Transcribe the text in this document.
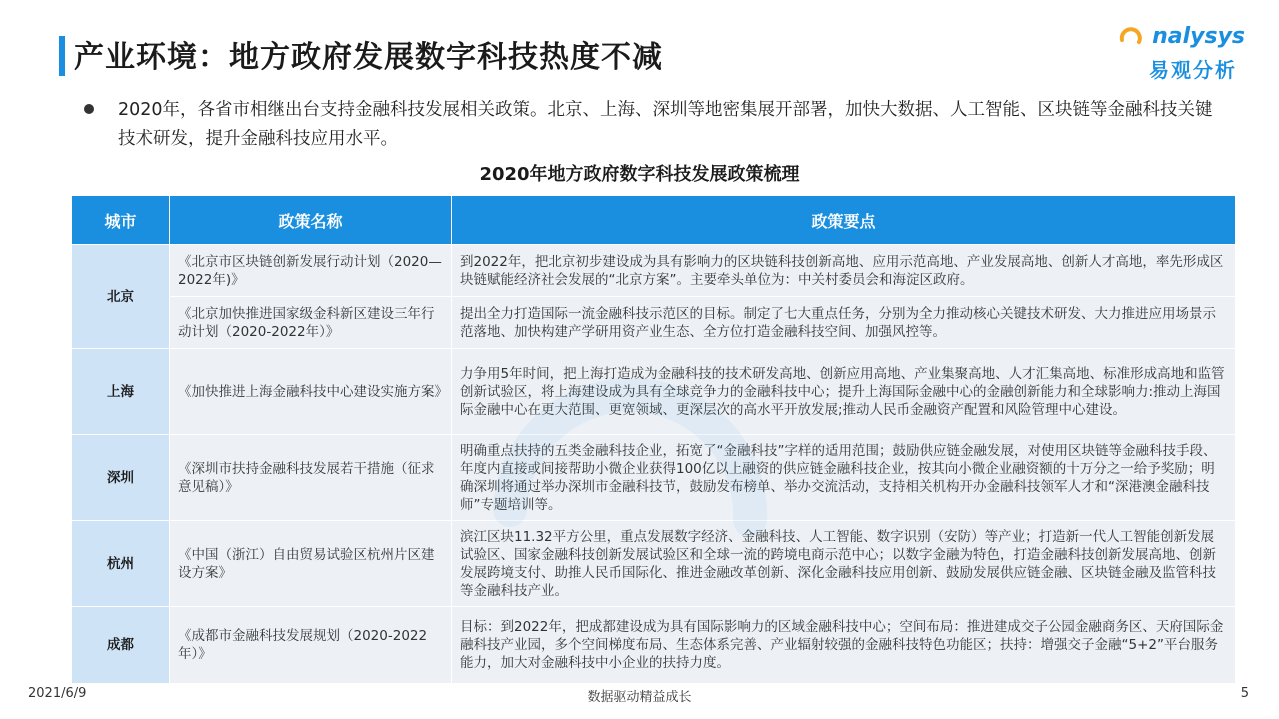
产业环境：地方政府发展数字科技热度不减
nalysys
易观分析
2020年，各省市相继出台支持金融科技发展相关政策。北京、上海、深圳等地密集展开部署，加快大数据、人工智能、区块链等金融科技关键技术研发，提升金融科技应用水平。
2020年地方政府数字科技发展政策梳理
城市	政策名称	政策要点
北京	《北京市区块链创新发展行动计划（2020—2022年)》	到2022年，把北京初步建设成为具有影响力的区块链科技创新高地、应用示范高地、产业发展高地、创新人才高地，率先形成区块链赋能经济社会发展的“北京方案”。主要牵头单位为：中关村委员会和海淀区政府。
	《北京加快推进国家级金科新区建设三年行动计划（2020-2022年）》	提出全力打造国际一流金融科技示范区的目标。制定了七大重点任务，分别为全力推动核心关键技术研发、大力推进应用场景示范落地、加快构建产学研用资产业生态、全方位打造金融科技空间、加强风控等。
上海	《加快推进上海金融科技中心建设实施方案》	力争用5年时间，把上海打造成为金融科技的技术研发高地、创新应用高地、产业集聚高地、人才汇集高地、标准形成高地和监管创新试验区，将上海建设成为具有全球竞争力的金融科技中心；提升上海国际金融中心的金融创新能力和全球影响力:推动上海国际金融中心在更大范围、更宽领域、更深层次的高水平开放发展;推动人民币金融资产配置和风险管理中心建设。
深圳	《深圳市扶持金融科技发展若干措施（征求意见稿）》	明确重点扶持的五类金融科技企业，拓宽了“金融科技”字样的适用范围；鼓励供应链金融发展，对使用区块链等金融科技手段、年度内直接或间接帮助小微企业获得100亿以上融资的供应链金融科技企业，按其向小微企业融资额的十万分之一给予奖励；明确深圳将通过举办深圳市金融科技节，鼓励发布榜单、举办交流活动，支持相关机构开办金融科技领军人才和“深港澳金融科技师”专题培训等。
杭州	《中国（浙江）自由贸易试验区杭州片区建设方案》	滨江区块11.32平方公里，重点发展数字经济、金融科技、人工智能、数字识别（安防）等产业；打造新一代人工智能创新发展试验区、国家金融科技创新发展试验区和全球一流的跨境电商示范中心；以数字金融为特色，打造金融科技创新发展高地、创新发展跨境支付、助推人民币国际化、推进金融改革创新、深化金融科技应用创新、鼓励发展供应链金融、区块链金融及监管科技等金融科技产业。
成都	《成都市金融科技发展规划（2020-2022年）》	目标：到2022年，把成都建设成为具有国际影响力的区域金融科技中心；空间布局：推进建成交子公园金融商务区、天府国际金融科技产业园，多个空间梯度布局、生态体系完善、产业辐射较强的金融科技特色功能区；扶持：增强交子金融“5+2”平台服务能力，加大对金融科技中小企业的扶持力度。
2021/6/9	数据驱动精益成长	5
